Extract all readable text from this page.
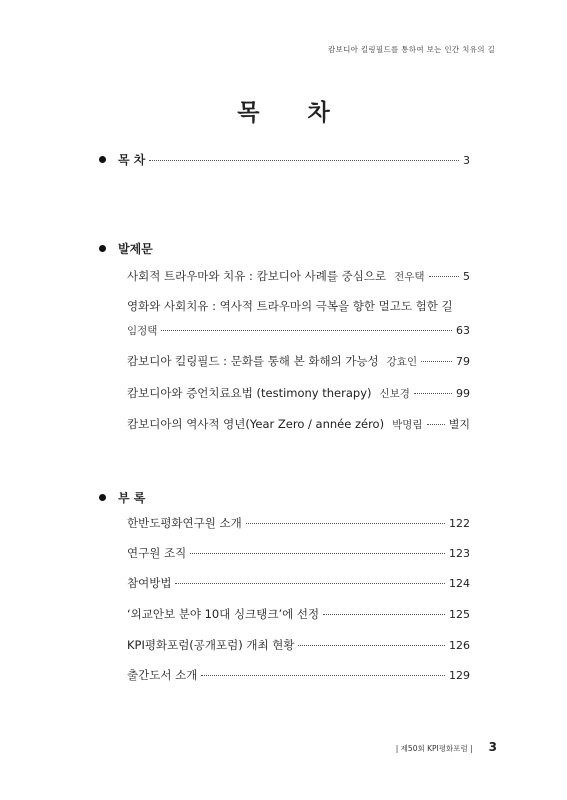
캄보디아 킬링필드를 통하여 보는 인간 치유의 길
목 차
목 차	3
발제문
사회적 트라우마와 치유 : 캄보디아 사례를 중심으로 전우택	5
영화와 사회치유 : 역사적 트라우마의 극복을 향한 멀고도 험한 길
임정택	63
캄보디아 킬링필드 : 문화를 통해 본 화해의 가능성 강효인	79
캄보디아와 증언치료요법 (testimony therapy) 신보경	99
캄보디아의 역사적 영년(Year Zero / année zéro) 박명림 별지
부 록
한반도평화연구원 소개	122
연구원 조직	123
참여방법	124
‘외교안보 분야 10대 싱크탱크’에 선정	125
KPI평화포럼(공개포럼) 개최 현황	126
출간도서 소개	129
| 제50회 KPI평화포럼 | 3
